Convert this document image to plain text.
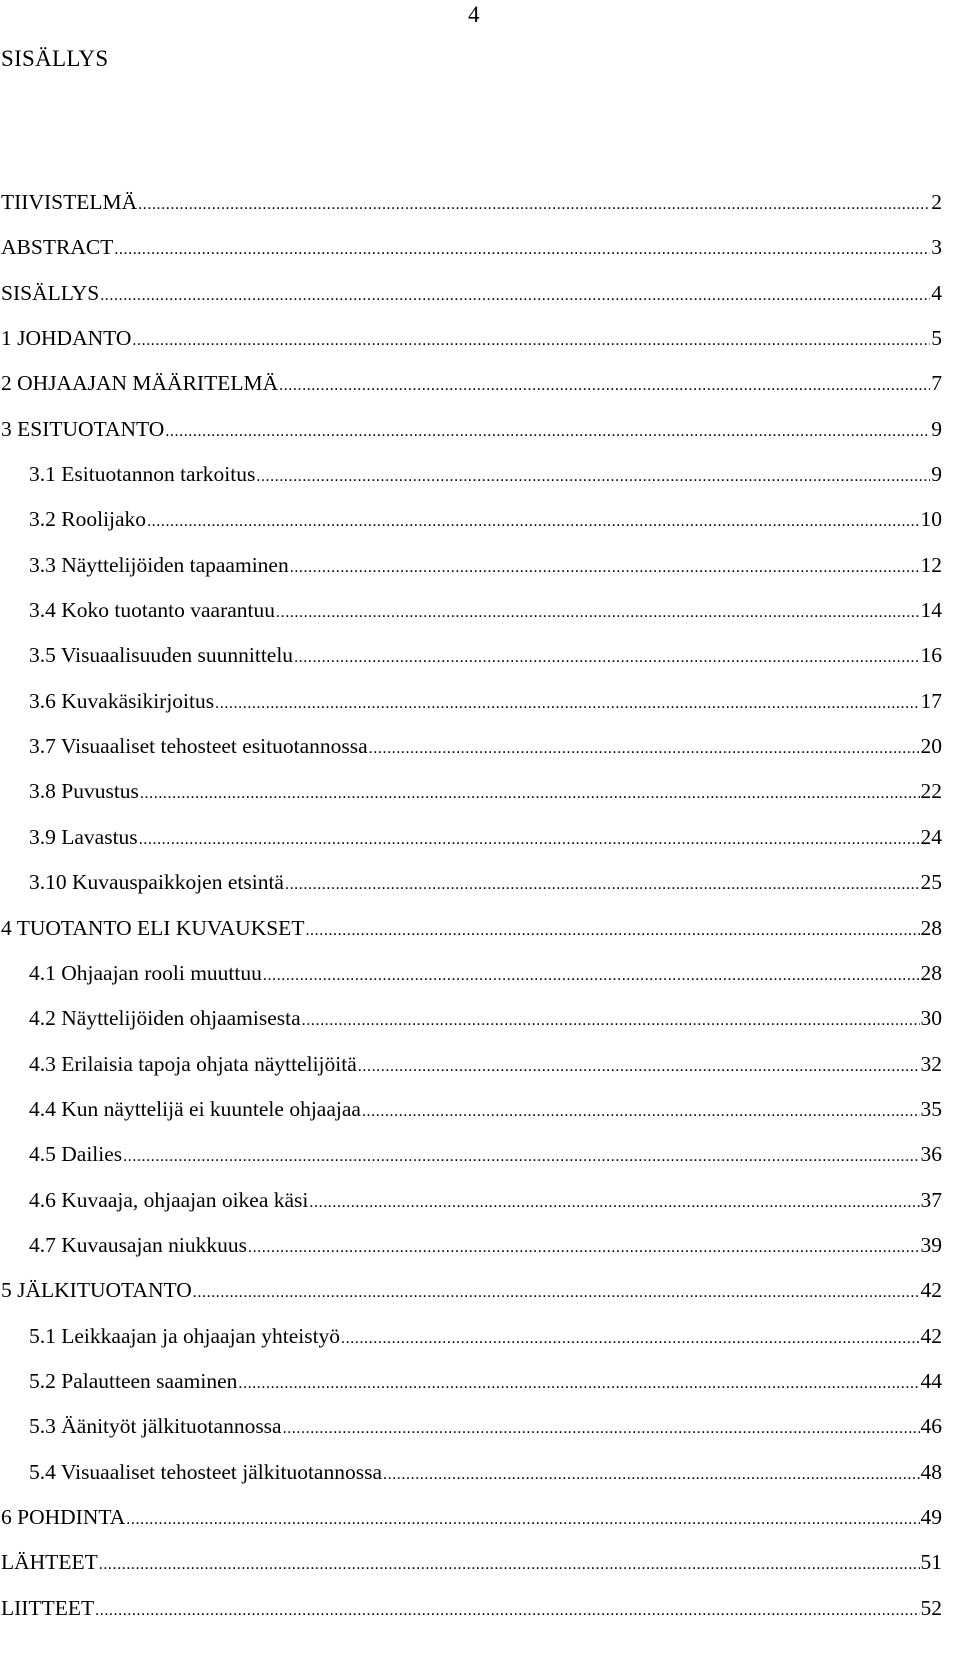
4
SISÄLLYS
TIIVISTELMÄ .....	2
ABSTRACT .....	3
SISÄLLYS .....	4
1 JOHDANTO .....	5
2 OHJAAJAN MÄÄRITELMÄ .....	7
3 ESITUOTANTO .....	9
3.1 Esituotannon tarkoitus .....	9
3.2 Roolijako .....	10
3.3 Näyttelijöiden tapaaminen .....	12
3.4 Koko tuotanto vaarantuu .....	14
3.5 Visuaalisuuden suunnittelu .....	16
3.6 Kuvakäsikirjoitus .....	17
3.7 Visuaaliset tehosteet esituotannossa .....	20
3.8 Puvustus .....	22
3.9 Lavastus .....	24
3.10 Kuvauspaikkojen etsintä .....	25
4 TUOTANTO ELI KUVAUKSET .....	28
4.1 Ohjaajan rooli muuttuu .....	28
4.2 Näyttelijöiden ohjaamisesta .....	30
4.3 Erilaisia tapoja ohjata näyttelijöitä .....	32
4.4 Kun näyttelijä ei kuuntele ohjaajaa .....	35
4.5 Dailies .....	36
4.6 Kuvaaja, ohjaajan oikea käsi .....	37
4.7 Kuvausajan niukkuus .....	39
5 JÄLKITUOTANTO .....	42
5.1 Leikkaajan ja ohjaajan yhteistyö .....	42
5.2 Palautteen saaminen .....	44
5.3 Äänityöt jälkituotannossa .....	46
5.4 Visuaaliset tehosteet jälkituotannossa .....	48
6 POHDINTA .....	49
LÄHTEET .....	51
LIITTEET .....	52
